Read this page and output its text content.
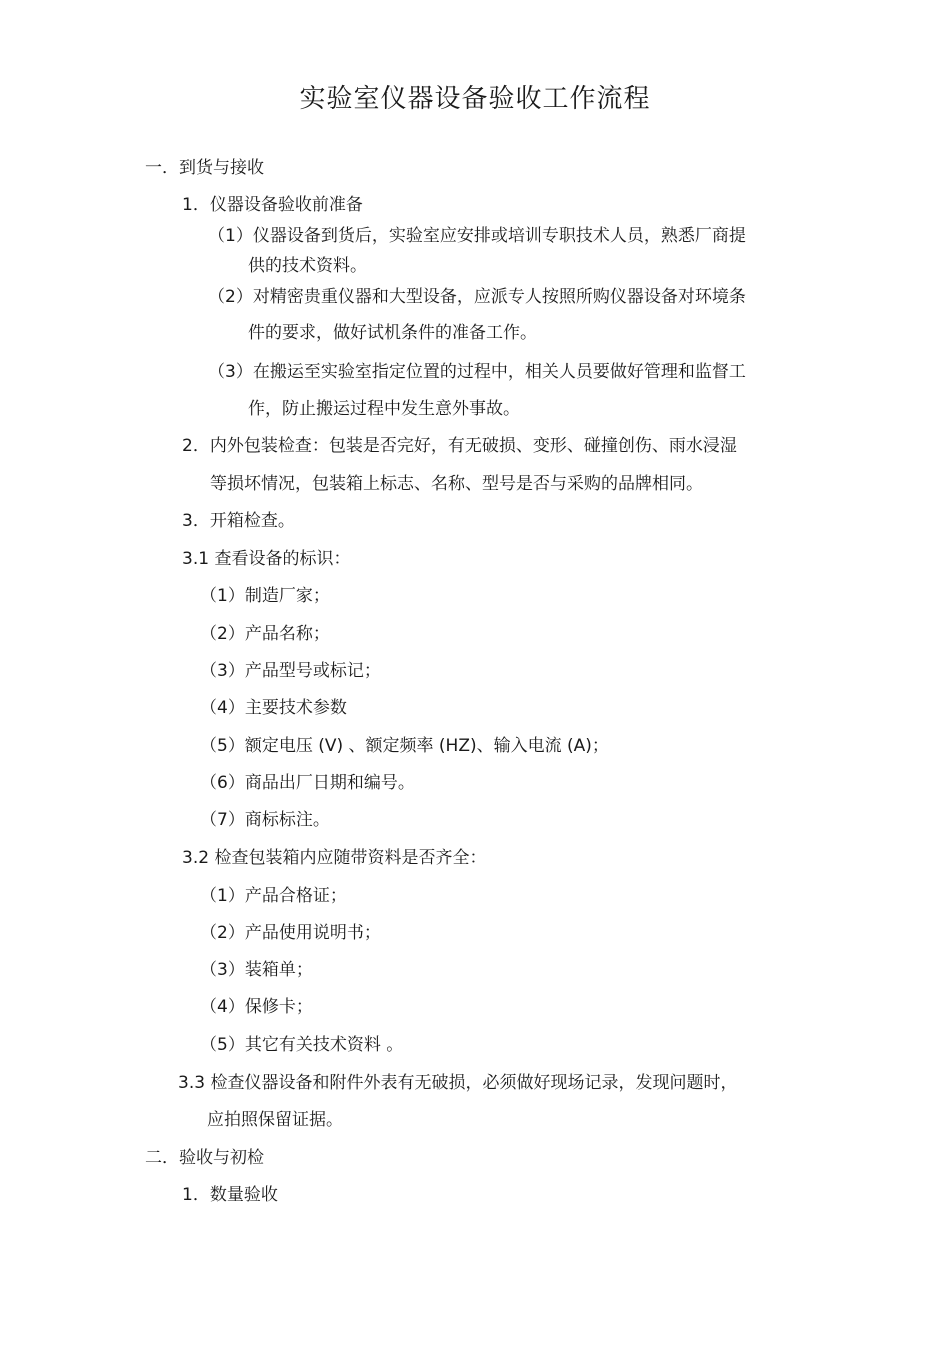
实验室仪器设备验收工作流程
一．到货与接收
1．仪器设备验收前准备
（1）仪器设备到货后，实验室应安排或培训专职技术人员，熟悉厂商提
供的技术资料。
（2）对精密贵重仪器和大型设备，应派专人按照所购仪器设备对环境条
件的要求，做好试机条件的准备工作。
（3）在搬运至实验室指定位置的过程中，相关人员要做好管理和监督工
作，防止搬运过程中发生意外事故。
2．内外包装检查：包装是否完好，有无破损、变形、碰撞创伤、雨水浸湿
等损坏情况，包装箱上标志、名称、型号是否与采购的品牌相同。
3．开箱检查。
3.1 查看设备的标识：
（1）制造厂家；
（2）产品名称；
（3）产品型号或标记；
（4）主要技术参数
（5）额定电压 (V) 、额定频率 (HZ)、输入电流 (A)；
（6）商品出厂日期和编号。
（7）商标标注。
3.2 检查包装箱内应随带资料是否齐全：
（1）产品合格证；
（2）产品使用说明书；
（3）装箱单；
（4）保修卡；
（5）其它有关技术资料 。
3.3 检查仪器设备和附件外表有无破损，必须做好现场记录，发现问题时，
应拍照保留证据。
二．验收与初检
1．数量验收
